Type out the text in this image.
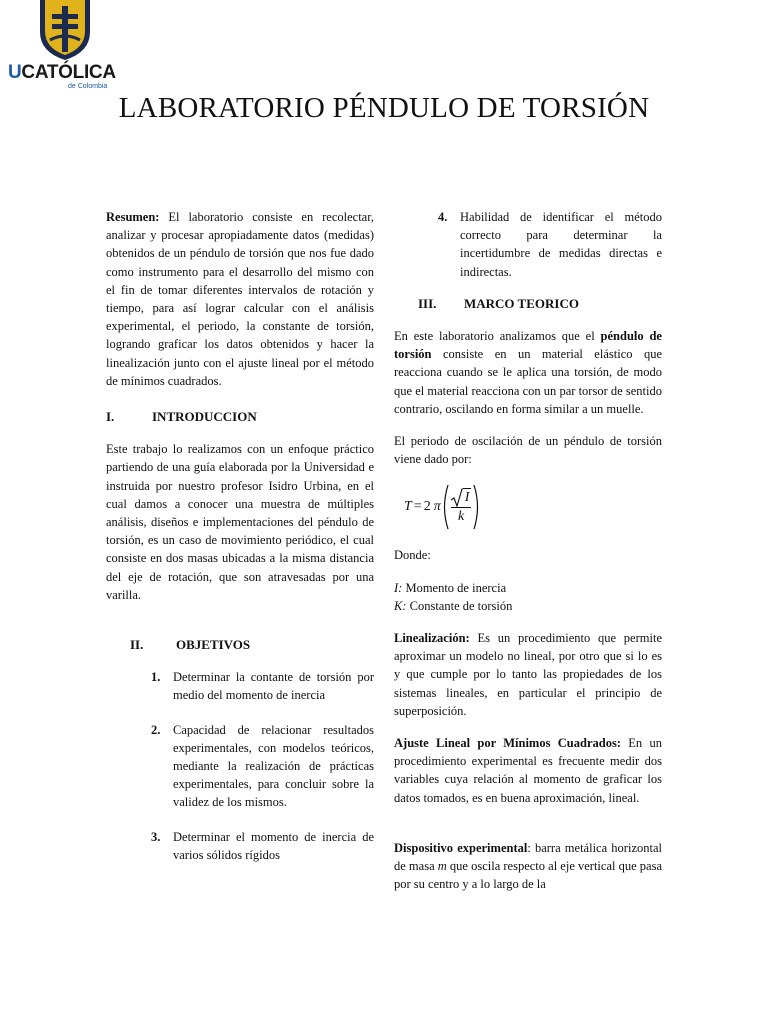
UCATÓLICA
de Colombia
LABORATORIO PÉNDULO DE TORSIÓN

Resumen: El laboratorio consiste en recolectar, analizar y procesar apropiadamente datos (medidas) obtenidos de un péndulo de torsión que nos fue dado como instrumento para el desarrollo del mismo con el fin de tomar diferentes intervalos de rotación y tiempo, para así lograr calcular con el análisis experimental, el periodo, la constante de torsión, logrando graficar los datos obtenidos y hacer la linealización junto con el ajuste lineal por el método de mínimos cuadrados.

I.	INTRODUCCION

Este trabajo lo realizamos con un enfoque práctico partiendo de una guía elaborada por la Universidad e instruida por nuestro profesor Isidro Urbina, en el cual damos a conocer una muestra de múltiples análisis, diseños e implementaciones del péndulo de torsión, es un caso de movimiento periódico, el cual consiste en dos masas ubicadas a la misma distancia del eje de rotación, que son atravesadas por una varilla.

II.	OBJETIVOS
1.	Determinar la contante de torsión por medio del momento de inercia
2.	Capacidad de relacionar resultados experimentales, con modelos teóricos, mediante la realización de prácticas experimentales, para concluir sobre la validez de los mismos.
3.	Determinar el momento de inercia de varios sólidos rígidos
4.	Habilidad de identificar el método correcto para determinar la incertidumbre de medidas directas e indirectas.
III.	MARCO TEORICO

En este laboratorio analizamos que el péndulo de torsión consiste en un material elástico que reacciona cuando se le aplica una torsión, de modo que el material reacciona con un par torsor de sentido contrario, oscilando en forma similar a un muelle.

El periodo de oscilación de un péndulo de torsión viene dado por:

T = 2 π
I
k

Donde:

I: Momento de inercia
K: Constante de torsión

Linealización: Es un procedimiento que permite aproximar un modelo no lineal, por otro que si lo es y que cumple por lo tanto las propiedades de los sistemas lineales, en particular el principio de superposición.

Ajuste Lineal por Mínimos Cuadrados: En un procedimiento experimental es frecuente medir dos variables cuya relación al momento de graficar los datos tomados, es en buena aproximación, lineal.

Dispositivo experimental: barra metálica horizontal de masa m que oscila respecto al eje vertical que pasa por su centro y a lo largo de la
